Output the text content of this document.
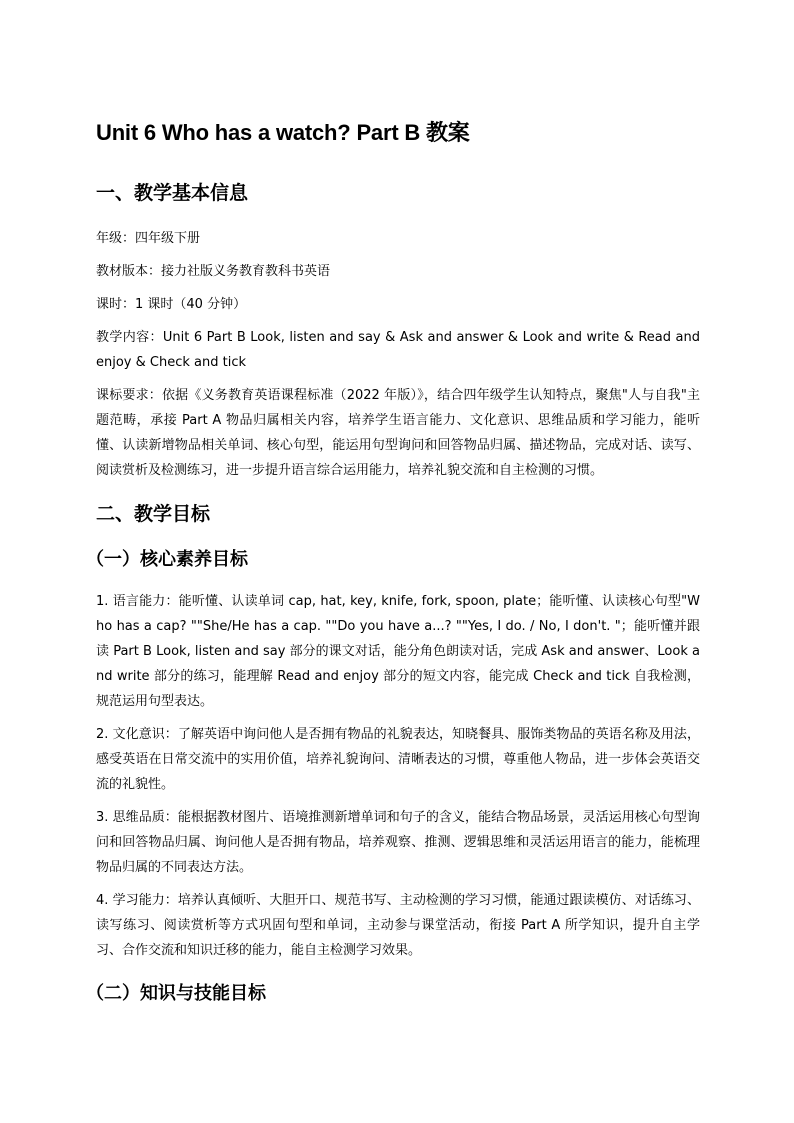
Unit 6 Who has a watch? Part B 教案
一、教学基本信息

年级：四年级下册

教材版本：接力社版义务教育教科书英语

课时：1 课时（40 分钟）

教学内容：Unit 6 Part B Look, listen and say & Ask and answer & Look and write & Read and enjoy & Check and tick

课标要求：依据《义务教育英语课程标准（2022 年版）》，结合四年级学生认知特点，聚焦"人与自我"主题范畴，承接 Part A 物品归属相关内容，培养学生语言能力、文化意识、思维品质和学习能力，能听懂、认读新增物品相关单词、核心句型，能运用句型询问和回答物品归属、描述物品，完成对话、读写、阅读赏析及检测练习，进一步提升语言综合运用能力，培养礼貌交流和自主检测的习惯。

二、教学目标
（一）核心素养目标

1. 语言能力：能听懂、认读单词 cap, hat, key, knife, fork, spoon, plate；能听懂、认读核心句型"Who has a cap? ""She/He has a cap. ""Do you have a...? ""Yes, I do. / No, I don't. "；能听懂并跟读 Part B Look, listen and say 部分的课文对话，能分角色朗读对话，完成 Ask and answer、Look and write 部分的练习，能理解 Read and enjoy 部分的短文内容，能完成 Check and tick 自我检测，规范运用句型表达。

2. 文化意识：了解英语中询问他人是否拥有物品的礼貌表达，知晓餐具、服饰类物品的英语名称及用法，感受英语在日常交流中的实用价值，培养礼貌询问、清晰表达的习惯，尊重他人物品，进一步体会英语交流的礼貌性。

3. 思维品质：能根据教材图片、语境推测新增单词和句子的含义，能结合物品场景，灵活运用核心句型询问和回答物品归属、询问他人是否拥有物品，培养观察、推测、逻辑思维和灵活运用语言的能力，能梳理物品归属的不同表达方法。

4. 学习能力：培养认真倾听、大胆开口、规范书写、主动检测的学习习惯，能通过跟读模仿、对话练习、读写练习、阅读赏析等方式巩固句型和单词，主动参与课堂活动，衔接 Part A 所学知识，提升自主学习、合作交流和知识迁移的能力，能自主检测学习效果。

（二）知识与技能目标
